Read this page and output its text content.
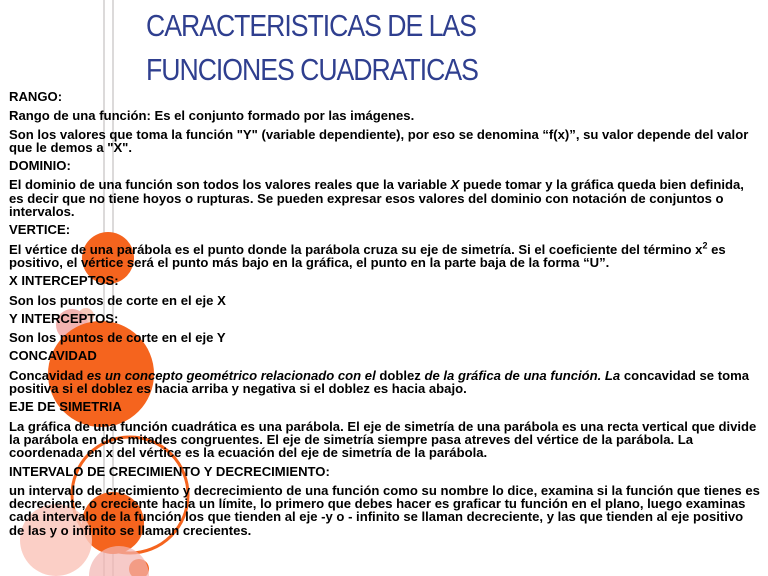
CARACTERISTICAS DE LAS FUNCIONES CUADRATICAS
RANGO:
Rango de una función: Es el conjunto formado por las imágenes.
Son los valores que toma la función "Y" (variable dependiente), por eso se denomina “f(x)”, su valor depende del valor que le demos a "X".
DOMINIO:
El dominio de una función son todos los valores reales que la variable X puede tomar y la gráfica queda bien definida, es decir que no tiene hoyos o rupturas. Se pueden expresar esos valores del dominio con notación de conjuntos o intervalos.
VERTICE:
El vértice de una parábola es el punto donde la parábola cruza su eje de simetría. Si el coeficiente del término $x^2$ es positivo, el vértice será el punto más bajo en la gráfica, el punto en la parte baja de la forma “U”.
X INTERCEPTOS:
Son los puntos de corte en el eje X
Y INTERCEPTOS:
Son los puntos de corte en el eje Y
CONCAVIDAD
Concavidad es un concepto geométrico relacionado con el doblez de la gráfica de una función. La concavidad se toma positiva si el doblez es hacia arriba y negativa si el doblez es hacia abajo.
EJE DE SIMETRIA
La gráfica de una función cuadrática es una parábola. El eje de simetría de una parábola es una recta vertical que divide la parábola en dos mitades congruentes. El eje de simetría siempre pasa atreves del vértice de la parábola. La coordenada en x del vértice es la ecuación del eje de simetría de la parábola.
INTERVALO DE CRECIMIENTO Y DECRECIMIENTO:
un intervalo de crecimiento y decrecimiento de una función como su nombre lo dice, examina si la función que tienes es decreciente, o creciente hacia un límite, lo primero que debes hacer es graficar tu función en el plano, luego examinas cada intervalo de la función los que tienden al eje -y o - infinito se llaman decreciente, y las que tienden al eje positivo de las y o infinito se llaman crecientes.
